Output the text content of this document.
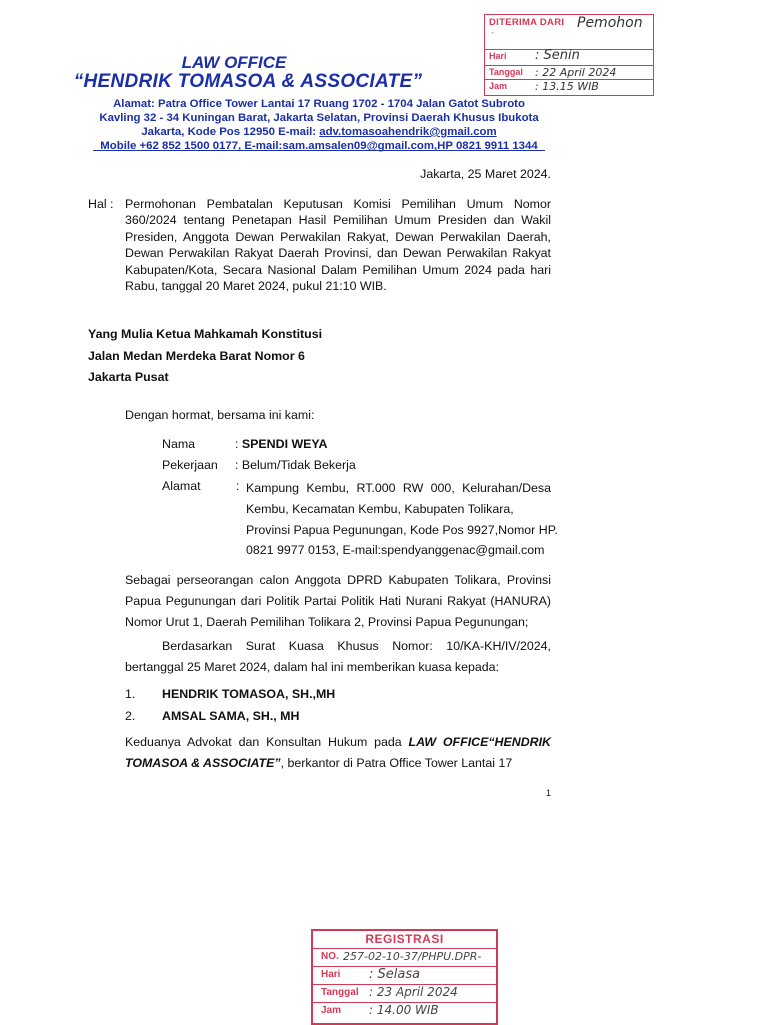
DITERIMA DARI Pemohon
-
Hari : Senin
Tanggal : 22 April 2024
Jam	: 13.15 WIB
LAW OFFICE
“HENDRIK TOMASOA & ASSOCIATE”
Alamat: Patra Office Tower Lantai 17 Ruang 1702 - 1704 Jalan Gatot Subroto
Kavling 32 - 34 Kuningan Barat, Jakarta Selatan, Provinsi Daerah Khusus Ibukota
Jakarta, Kode Pos 12950 E-mail: adv.tomasoahendrik@gmail.com
Mobile +62 852 1500 0177, E-mail:sam.amsalen09@gmail.com,HP 0821 9911 1344
Jakarta, 25 Maret 2024.
Hal : Permohonan Pembatalan Keputusan Komisi Pemilihan Umum Nomor
360/2024 tentang Penetapan Hasil Pemilihan Umum Presiden dan Wakil
Presiden, Anggota Dewan Perwakilan Rakyat, Dewan Perwakilan Daerah,
Dewan Perwakilan Rakyat Daerah Provinsi, dan Dewan Perwakilan Rakyat
Kabupaten/Kota, Secara Nasional Dalam Pemilihan Umum 2024 pada hari
Rabu, tanggal 20 Maret 2024, pukul 21:10 WIB.
Yang Mulia Ketua Mahkamah Konstitusi
Jalan Medan Merdeka Barat Nomor 6
Jakarta Pusat
Dengan hormat, bersama ini kami:
Nama	: SPENDI WEYA
Pekerjaan : Belum/Tidak Bekerja
Alamat	: Kampung Kembu, RT.000 RW 000, Kelurahan/Desa
Kembu, Kecamatan Kembu, Kabupaten Tolikara,
Provinsi Papua Pegunungan, Kode Pos 9927,Nomor HP.
0821 9977 0153, E-mail:spendyanggenac@gmail.com
Sebagai perseorangan calon Anggota DPRD Kabupaten Tolikara, Provinsi
Papua Pegunungan dari Politik Partai Politik Hati Nurani Rakyat (HANURA)
Nomor Urut 1, Daerah Pemilihan Tolikara 2, Provinsi Papua Pegunungan;
Berdasarkan Surat Kuasa Khusus Nomor: 10/KA-KH/IV/2024,
bertanggal 25 Maret 2024, dalam hal ini memberikan kuasa kepada:
1. HENDRIK TOMASOA, SH.,MH
2. AMSAL SAMA, SH., MH
Keduanya Advokat dan Konsultan Hukum pada LAW OFFICE“HENDRIK
TOMASOA & ASSOCIATE”, berkantor di Patra Office Tower Lantai 17
1
REGISTRASI
NO. 257-02-10-37/PHPU.DPR-
Hari : Selasa
Tanggal : 23 April 2024
Jam : 14.00 WIB
